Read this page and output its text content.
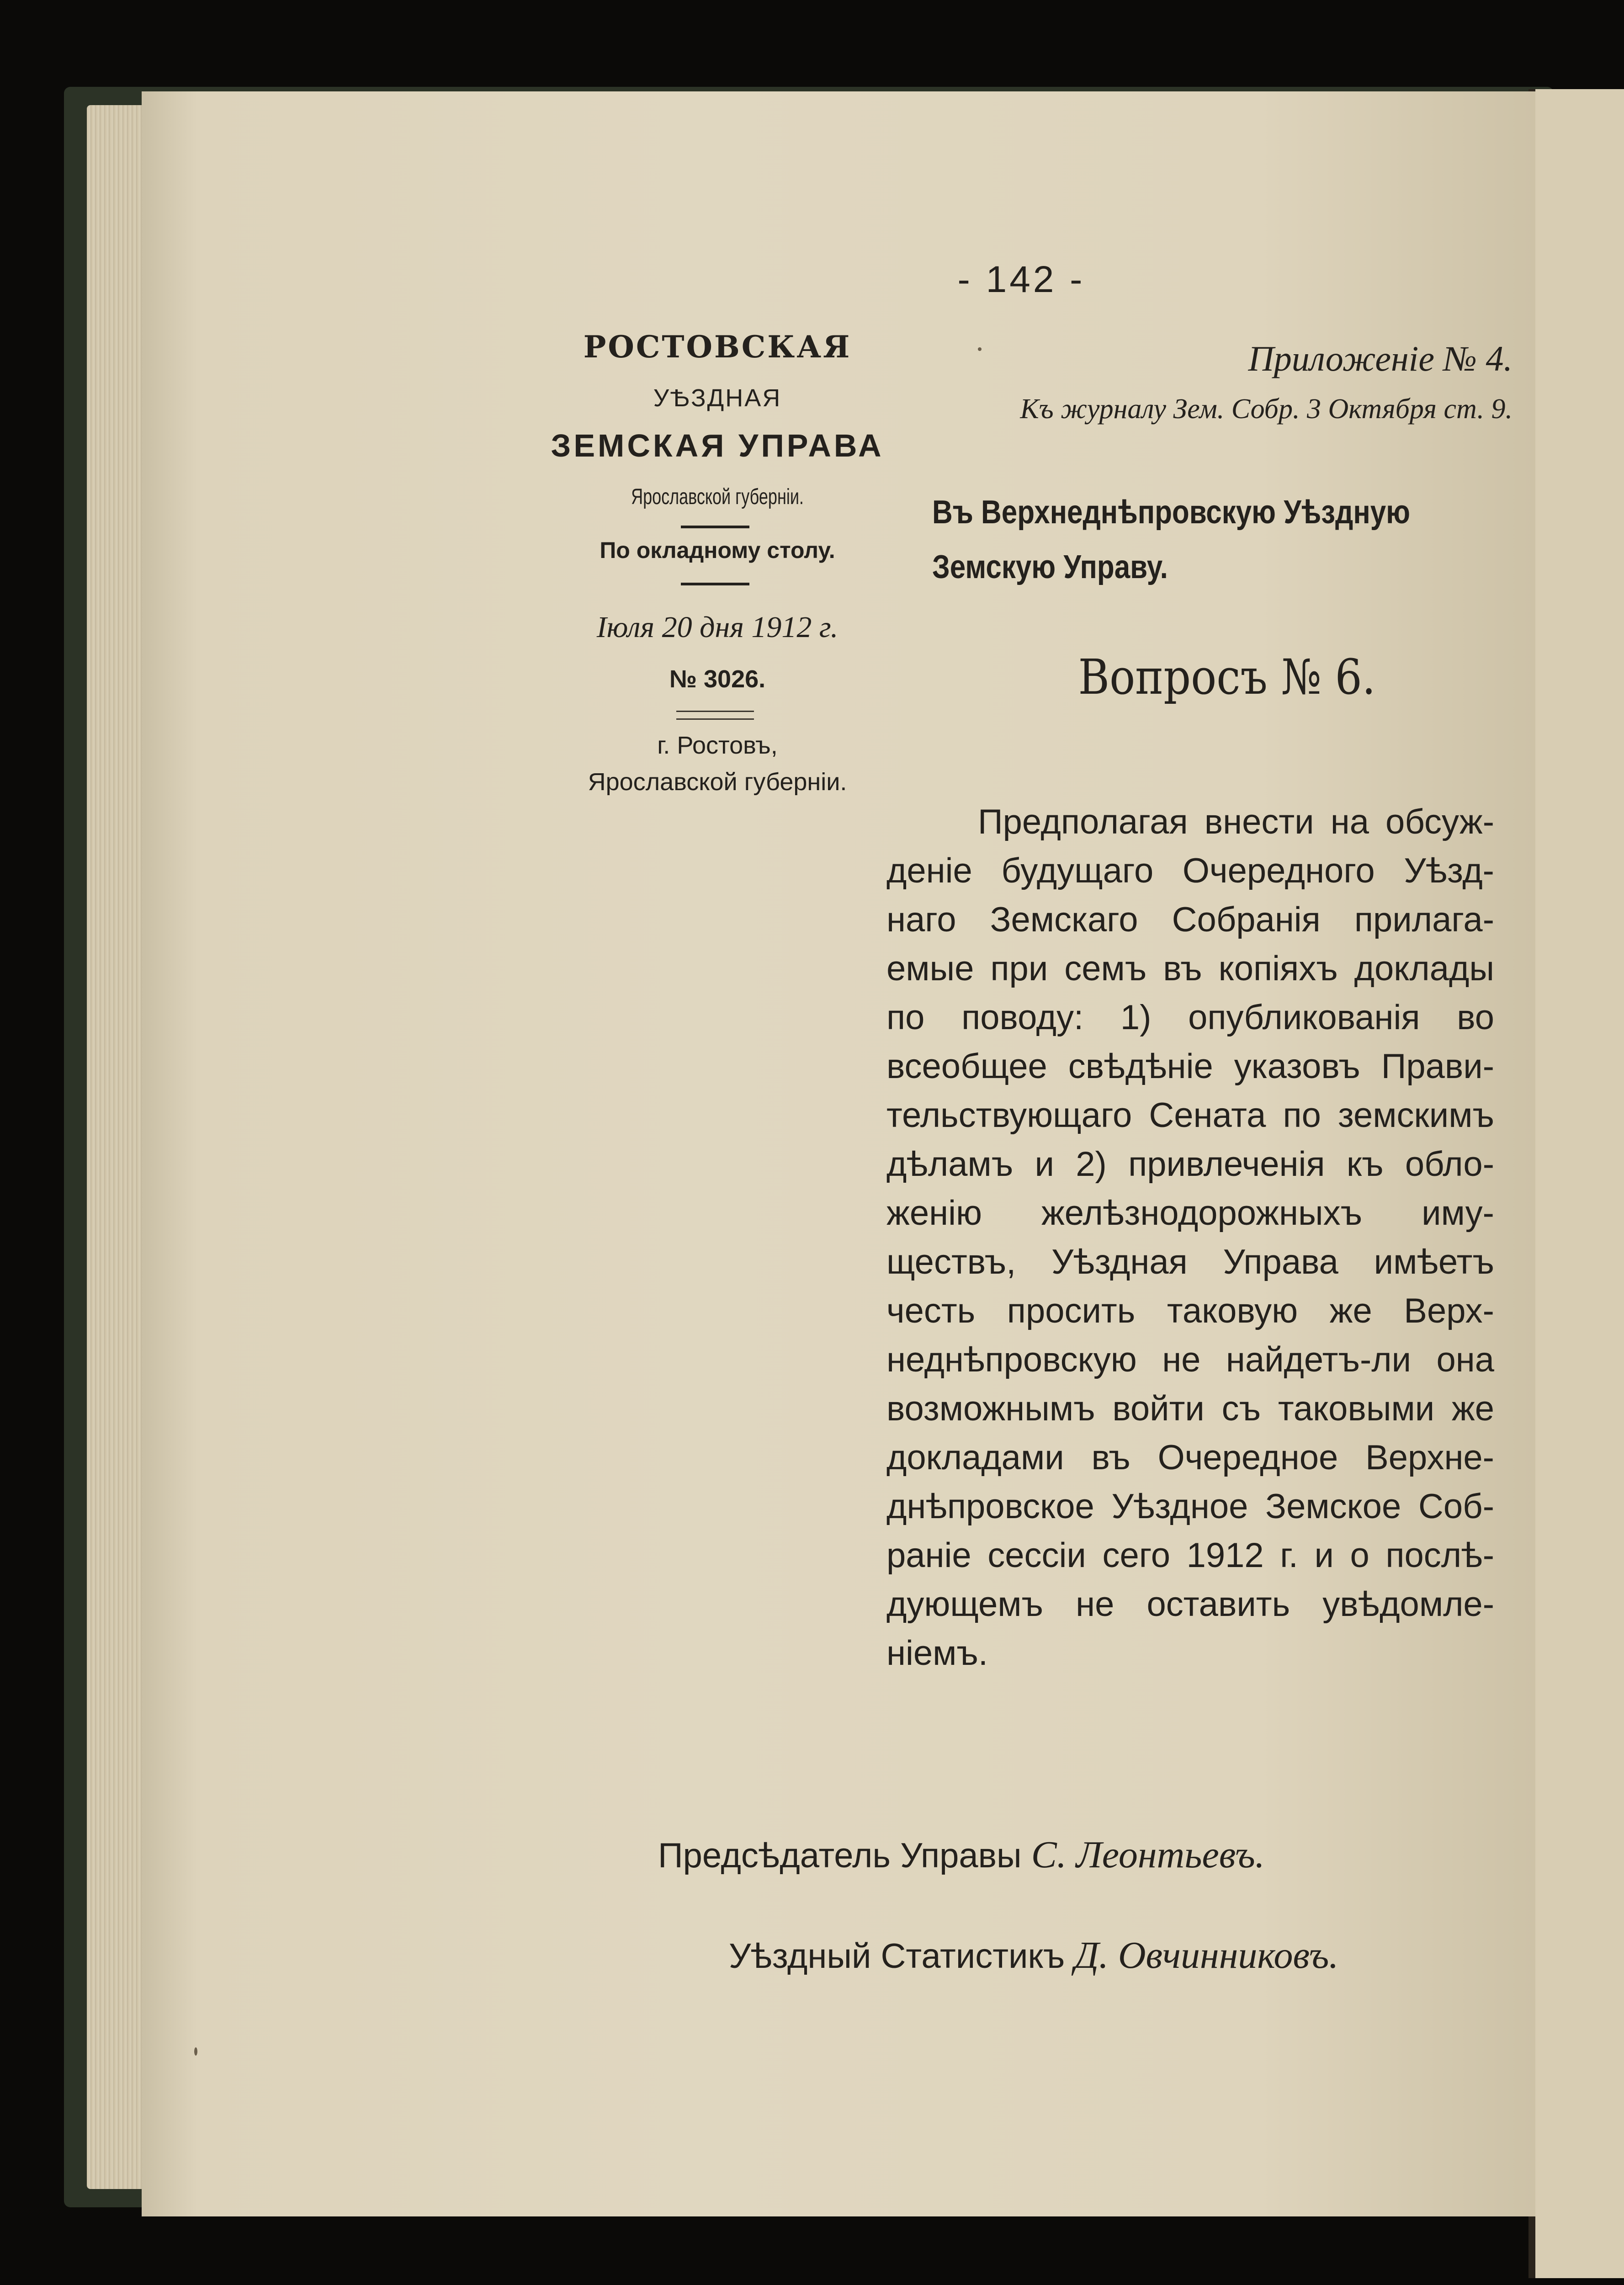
- 142 -
РОСТОВСКАЯ
УѢЗДНАЯ
ЗЕМСКАЯ УПРАВА
Ярославской губерніи.
По окладному столу.
Іюля 20 дня 1912 г.
№ 3026.
г. Ростовъ,
Ярославской губерніи.
Приложеніе № 4.
Къ журналу Зем. Собр. 3 Октября ст. 9.
Въ Верхнеднѣпровскую Уѣздную
Земскую Управу.
Вопросъ № 6.
Предполагая внести на обсуж-
деніе будущаго Очередного Уѣзд-
наго Земскаго Собранія прилага-
емые при семъ въ копіяхъ доклады
по поводу: 1) опубликованія во
всеобщее свѣдѣніе указовъ Прави-
тельствующаго Сената по земскимъ
дѣламъ и 2) привлеченія къ обло-
женію желѣзнодорожныхъ иму-
ществъ, Уѣздная Управа имѣетъ
честь просить таковую же Верх-
неднѣпровскую не найдетъ-ли она
возможнымъ войти съ таковыми же
докладами въ Очередное Верхне-
днѣпровское Уѣздное Земское Соб-
раніе сессіи сего 1912 г. и о послѣ-
дующемъ не оставить увѣдомле-
ніемъ.
Предсѣдатель Управы С. Леонтьевъ.
Уѣздный Статистикъ Д. Овчинниковъ.
